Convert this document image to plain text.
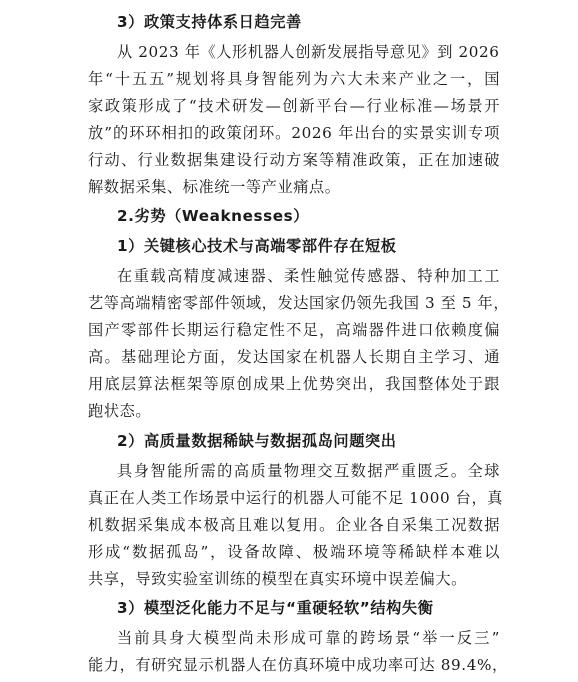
3）政策支持体系日趋完善
从 2023 年《人形机器人创新发展指导意见》到 2026
年“十五五”规划将具身智能列为六大未来产业之一，国
家政策形成了“技术研发—创新平台—行业标准—场景开
放”的环环相扣的政策闭环。2026 年出台的实景实训专项
行动、行业数据集建设行动方案等精准政策，正在加速破
解数据采集、标准统一等产业痛点。
2.劣势（Weaknesses）
1）关键核心技术与高端零部件存在短板
在重载高精度减速器、柔性触觉传感器、特种加工工
艺等高端精密零部件领域，发达国家仍领先我国 3 至 5 年，
国产零部件长期运行稳定性不足，高端器件进口依赖度偏
高。基础理论方面，发达国家在机器人长期自主学习、通
用底层算法框架等原创成果上优势突出，我国整体处于跟
跑状态。
2）高质量数据稀缺与数据孤岛问题突出
具身智能所需的高质量物理交互数据严重匮乏。全球
真正在人类工作场景中运行的机器人可能不足 1000 台，真
机数据采集成本极高且难以复用。企业各自采集工况数据
形成“数据孤岛”，设备故障、极端环境等稀缺样本难以
共享，导致实验室训练的模型在真实环境中误差偏大。
3）模型泛化能力不足与“重硬轻软”结构失衡
当前具身大模型尚未形成可靠的跨场景“举一反三”
能力，有研究显示机器人在仿真环境中成功率可达 89.4%，
